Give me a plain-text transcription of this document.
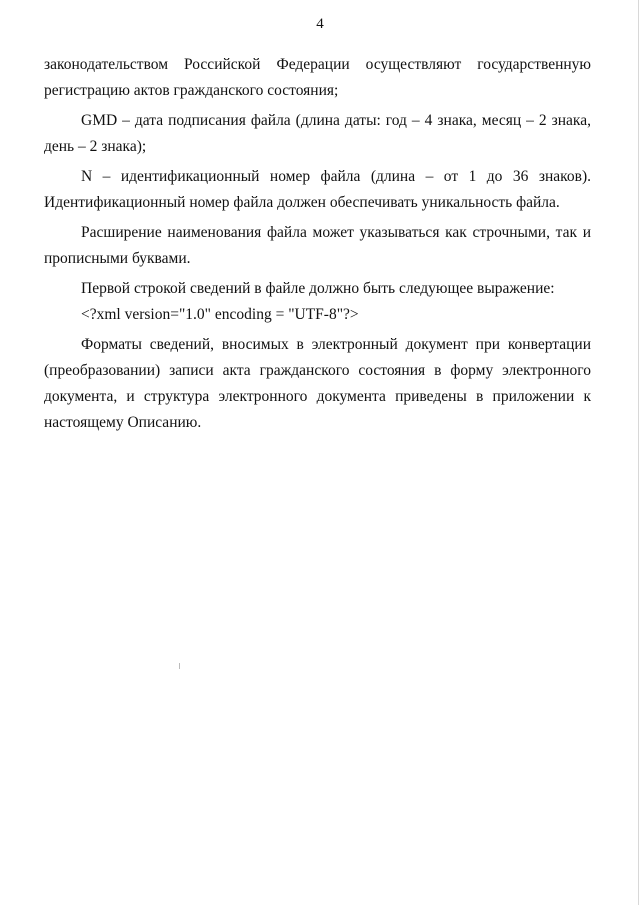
4
законодательством Российской Федерации осуществляют государственную
регистрацию актов гражданского состояния;
GMD – дата подписания файла (длина даты: год – 4 знака, месяц – 2 знака,
день – 2 знака);
N – идентификационный номер файла (длина – от 1 до 36 знаков).
Идентификационный номер файла должен обеспечивать уникальность файла.
Расширение наименования файла может указываться как строчными, так и
прописными буквами.
Первой строкой сведений в файле должно быть следующее выражение:
<?xml version="1.0" encoding = "UTF-8"?>
Форматы сведений, вносимых в электронный документ при конвертации
(преобразовании) записи акта гражданского состояния в форму электронного
документа, и структура электронного документа приведены в приложении к
настоящему Описанию.
